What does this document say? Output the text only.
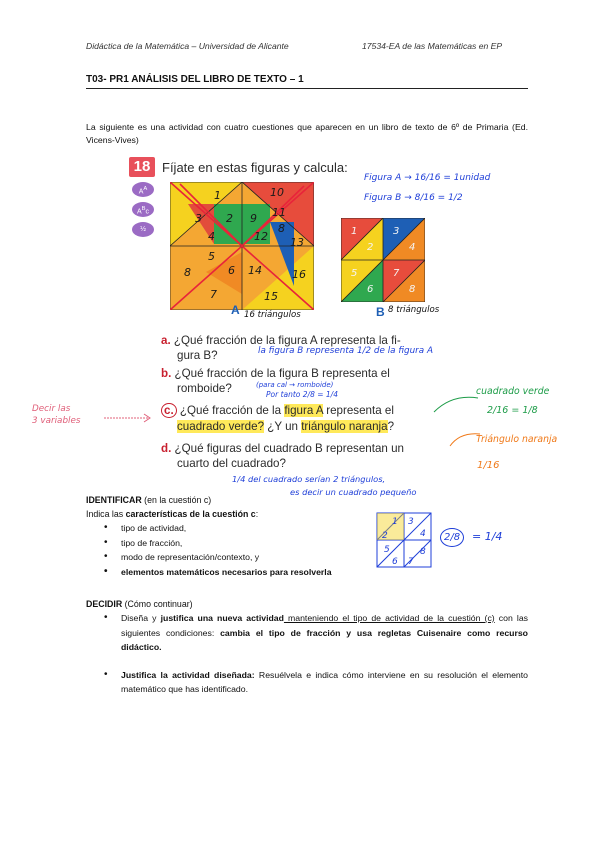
Didáctica de la Matemática – Universidad de Alicante	17534-EA de las Matemáticas en EP
T03- PR1 ANÁLISIS DEL LIBRO DE TEXTO – 1
La siguiente es una actividad con cuatro cuestiones que aparecen en un libro de texto de 6º de Primaria (Ed. Vicens-Vives)
18 Fíjate en estas figuras y calcula:
$A^A$
$A^Bc$
½
1
2
3
4
5
6
7
8
9
10
11
12 13
14
15
16
8
A 16 triángulos
1
2
3
4
5
6
7
8
B 8 triángulos
Figura A → 16/16 = 1unidad
Figura B → 8/16 = 1/2
a. ¿Qué fracción de la figura A representa la fi-
gura B?	la figura B representa 1/2 de la figura A
b. ¿Qué fracción de la figura B representa el
romboide?	(para cal → romboide)
Por tanto 2/8 = 1/4
c. ¿Qué fracción de la figura A representa el
cuadrado verde? ¿Y un triángulo naranja?
d. ¿Qué figuras del cuadrado B representan un
cuarto del cuadrado?
1/4 del cuadrado serían 2 triángulos,
es decir un cuadrado pequeño
Decir las
3 variables
cuadrado verde
2/16 = 1/8
Triángulo naranja
1/16
1
2
3
4
5
6 7
8
2/8	= 1/4
IDENTIFICAR (en la cuestión c)
Indica las características de la cuestión c:
• tipo de actividad,
• tipo de fracción,
• modo de representación/contexto, y
• elementos matemáticos necesarios para resolverla
DECIDIR (Cómo continuar)
• Diseña y justifica una nueva actividad manteniendo el tipo de actividad de la cuestión (c) con las siguientes condiciones: cambia el tipo de fracción y usa regletas Cuisenaire como recurso didáctico.
• Justifica la actividad diseñada: Resuélvela e indica cómo interviene en su resolución el elemento matemático que has identificado.
